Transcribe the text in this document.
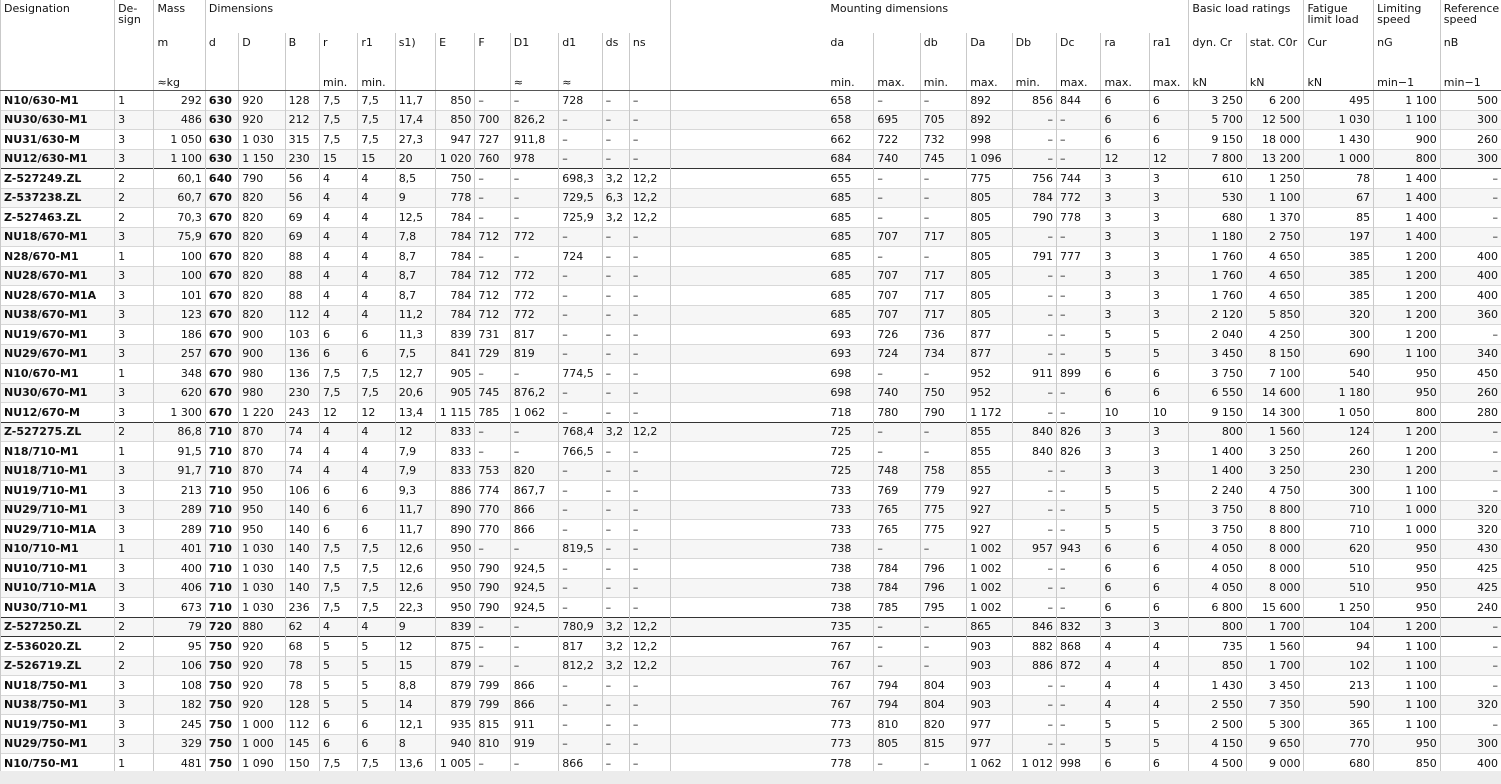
Designation	De-
sign	Mass	Dimensions													Mounting dimensions								Basic load ratings		Fatigue
limit load	Limiting
speed	Reference
speed
		m	d	D	B	r	r1	s1)	E	F	D1	d1	ds	ns		da		db	Da	Db	Dc	ra	ra1	dyn. Cr	stat. C0r	Cur	nG	nB
		≈kg				min.	min.				≈	≈				min.	max.	min.	max.	min.	max.	max.	max.	kN	kN	kN	min−1	min−1
N10/630-M1	1	292	630	920	128	7,5	7,5	11,7	850	–	–	728	–	–		658	–	–	892	856	844	6	6	3 250	6 200	495	1 100	500
NU30/630-M1	3	486	630	920	212	7,5	7,5	17,4	850	700	826,2	–	–	–		658	695	705	892	–	–	6	6	5 700	12 500	1 030	1 100	300
NU31/630-M	3	1 050	630	1 030	315	7,5	7,5	27,3	947	727	911,8	–	–	–		662	722	732	998	–	–	6	6	9 150	18 000	1 430	900	260
NU12/630-M1	3	1 100	630	1 150	230	15	15	20	1 020	760	978	–	–	–		684	740	745	1 096	–	–	12	12	7 800	13 200	1 000	800	300
Z-527249.ZL	2	60,1	640	790	56	4	4	8,5	750	–	–	698,3	3,2	12,2		655	–	–	775	756	744	3	3	610	1 250	78	1 400	–
Z-537238.ZL	2	60,7	670	820	56	4	4	9	778	–	–	729,5	6,3	12,2		685	–	–	805	784	772	3	3	530	1 100	67	1 400	–
Z-527463.ZL	2	70,3	670	820	69	4	4	12,5	784	–	–	725,9	3,2	12,2		685	–	–	805	790	778	3	3	680	1 370	85	1 400	–
NU18/670-M1	3	75,9	670	820	69	4	4	7,8	784	712	772	–	–	–		685	707	717	805	–	–	3	3	1 180	2 750	197	1 400	–
N28/670-M1	1	100	670	820	88	4	4	8,7	784	–	–	724	–	–		685	–	–	805	791	777	3	3	1 760	4 650	385	1 200	400
NU28/670-M1	3	100	670	820	88	4	4	8,7	784	712	772	–	–	–		685	707	717	805	–	–	3	3	1 760	4 650	385	1 200	400
NU28/670-M1A	3	101	670	820	88	4	4	8,7	784	712	772	–	–	–		685	707	717	805	–	–	3	3	1 760	4 650	385	1 200	400
NU38/670-M1	3	123	670	820	112	4	4	11,2	784	712	772	–	–	–		685	707	717	805	–	–	3	3	2 120	5 850	320	1 200	360
NU19/670-M1	3	186	670	900	103	6	6	11,3	839	731	817	–	–	–		693	726	736	877	–	–	5	5	2 040	4 250	300	1 200	–
NU29/670-M1	3	257	670	900	136	6	6	7,5	841	729	819	–	–	–		693	724	734	877	–	–	5	5	3 450	8 150	690	1 100	340
N10/670-M1	1	348	670	980	136	7,5	7,5	12,7	905	–	–	774,5	–	–		698	–	–	952	911	899	6	6	3 750	7 100	540	950	450
NU30/670-M1	3	620	670	980	230	7,5	7,5	20,6	905	745	876,2	–	–	–		698	740	750	952	–	–	6	6	6 550	14 600	1 180	950	260
NU12/670-M	3	1 300	670	1 220	243	12	12	13,4	1 115	785	1 062	–	–	–		718	780	790	1 172	–	–	10	10	9 150	14 300	1 050	800	280
Z-527275.ZL	2	86,8	710	870	74	4	4	12	833	–	–	768,4	3,2	12,2		725	–	–	855	840	826	3	3	800	1 560	124	1 200	–
N18/710-M1	1	91,5	710	870	74	4	4	7,9	833	–	–	766,5	–	–		725	–	–	855	840	826	3	3	1 400	3 250	260	1 200	–
NU18/710-M1	3	91,7	710	870	74	4	4	7,9	833	753	820	–	–	–		725	748	758	855	–	–	3	3	1 400	3 250	230	1 200	–
NU19/710-M1	3	213	710	950	106	6	6	9,3	886	774	867,7	–	–	–		733	769	779	927	–	–	5	5	2 240	4 750	300	1 100	–
NU29/710-M1	3	289	710	950	140	6	6	11,7	890	770	866	–	–	–		733	765	775	927	–	–	5	5	3 750	8 800	710	1 000	320
NU29/710-M1A	3	289	710	950	140	6	6	11,7	890	770	866	–	–	–		733	765	775	927	–	–	5	5	3 750	8 800	710	1 000	320
N10/710-M1	1	401	710	1 030	140	7,5	7,5	12,6	950	–	–	819,5	–	–		738	–	–	1 002	957	943	6	6	4 050	8 000	620	950	430
NU10/710-M1	3	400	710	1 030	140	7,5	7,5	12,6	950	790	924,5	–	–	–		738	784	796	1 002	–	–	6	6	4 050	8 000	510	950	425
NU10/710-M1A	3	406	710	1 030	140	7,5	7,5	12,6	950	790	924,5	–	–	–		738	784	796	1 002	–	–	6	6	4 050	8 000	510	950	425
NU30/710-M1	3	673	710	1 030	236	7,5	7,5	22,3	950	790	924,5	–	–	–		738	785	795	1 002	–	–	6	6	6 800	15 600	1 250	950	240
Z-527250.ZL	2	79	720	880	62	4	4	9	839	–	–	780,9	3,2	12,2		735	–	–	865	846	832	3	3	800	1 700	104	1 200	–
Z-536020.ZL	2	95	750	920	68	5	5	12	875	–	–	817	3,2	12,2		767	–	–	903	882	868	4	4	735	1 560	94	1 100	–
Z-526719.ZL	2	106	750	920	78	5	5	15	879	–	–	812,2	3,2	12,2		767	–	–	903	886	872	4	4	850	1 700	102	1 100	–
NU18/750-M1	3	108	750	920	78	5	5	8,8	879	799	866	–	–	–		767	794	804	903	–	–	4	4	1 430	3 450	213	1 100	–
NU38/750-M1	3	182	750	920	128	5	5	14	879	799	866	–	–	–		767	794	804	903	–	–	4	4	2 550	7 350	590	1 100	320
NU19/750-M1	3	245	750	1 000	112	6	6	12,1	935	815	911	–	–	–		773	810	820	977	–	–	5	5	2 500	5 300	365	1 100	–
NU29/750-M1	3	329	750	1 000	145	6	6	8	940	810	919	–	–	–		773	805	815	977	–	–	5	5	4 150	9 650	770	950	300
N10/750-M1	1	481	750	1 090	150	7,5	7,5	13,6	1 005	–	–	866	–	–		778	–	–	1 062	1 012	998	6	6	4 500	9 000	680	850	400
